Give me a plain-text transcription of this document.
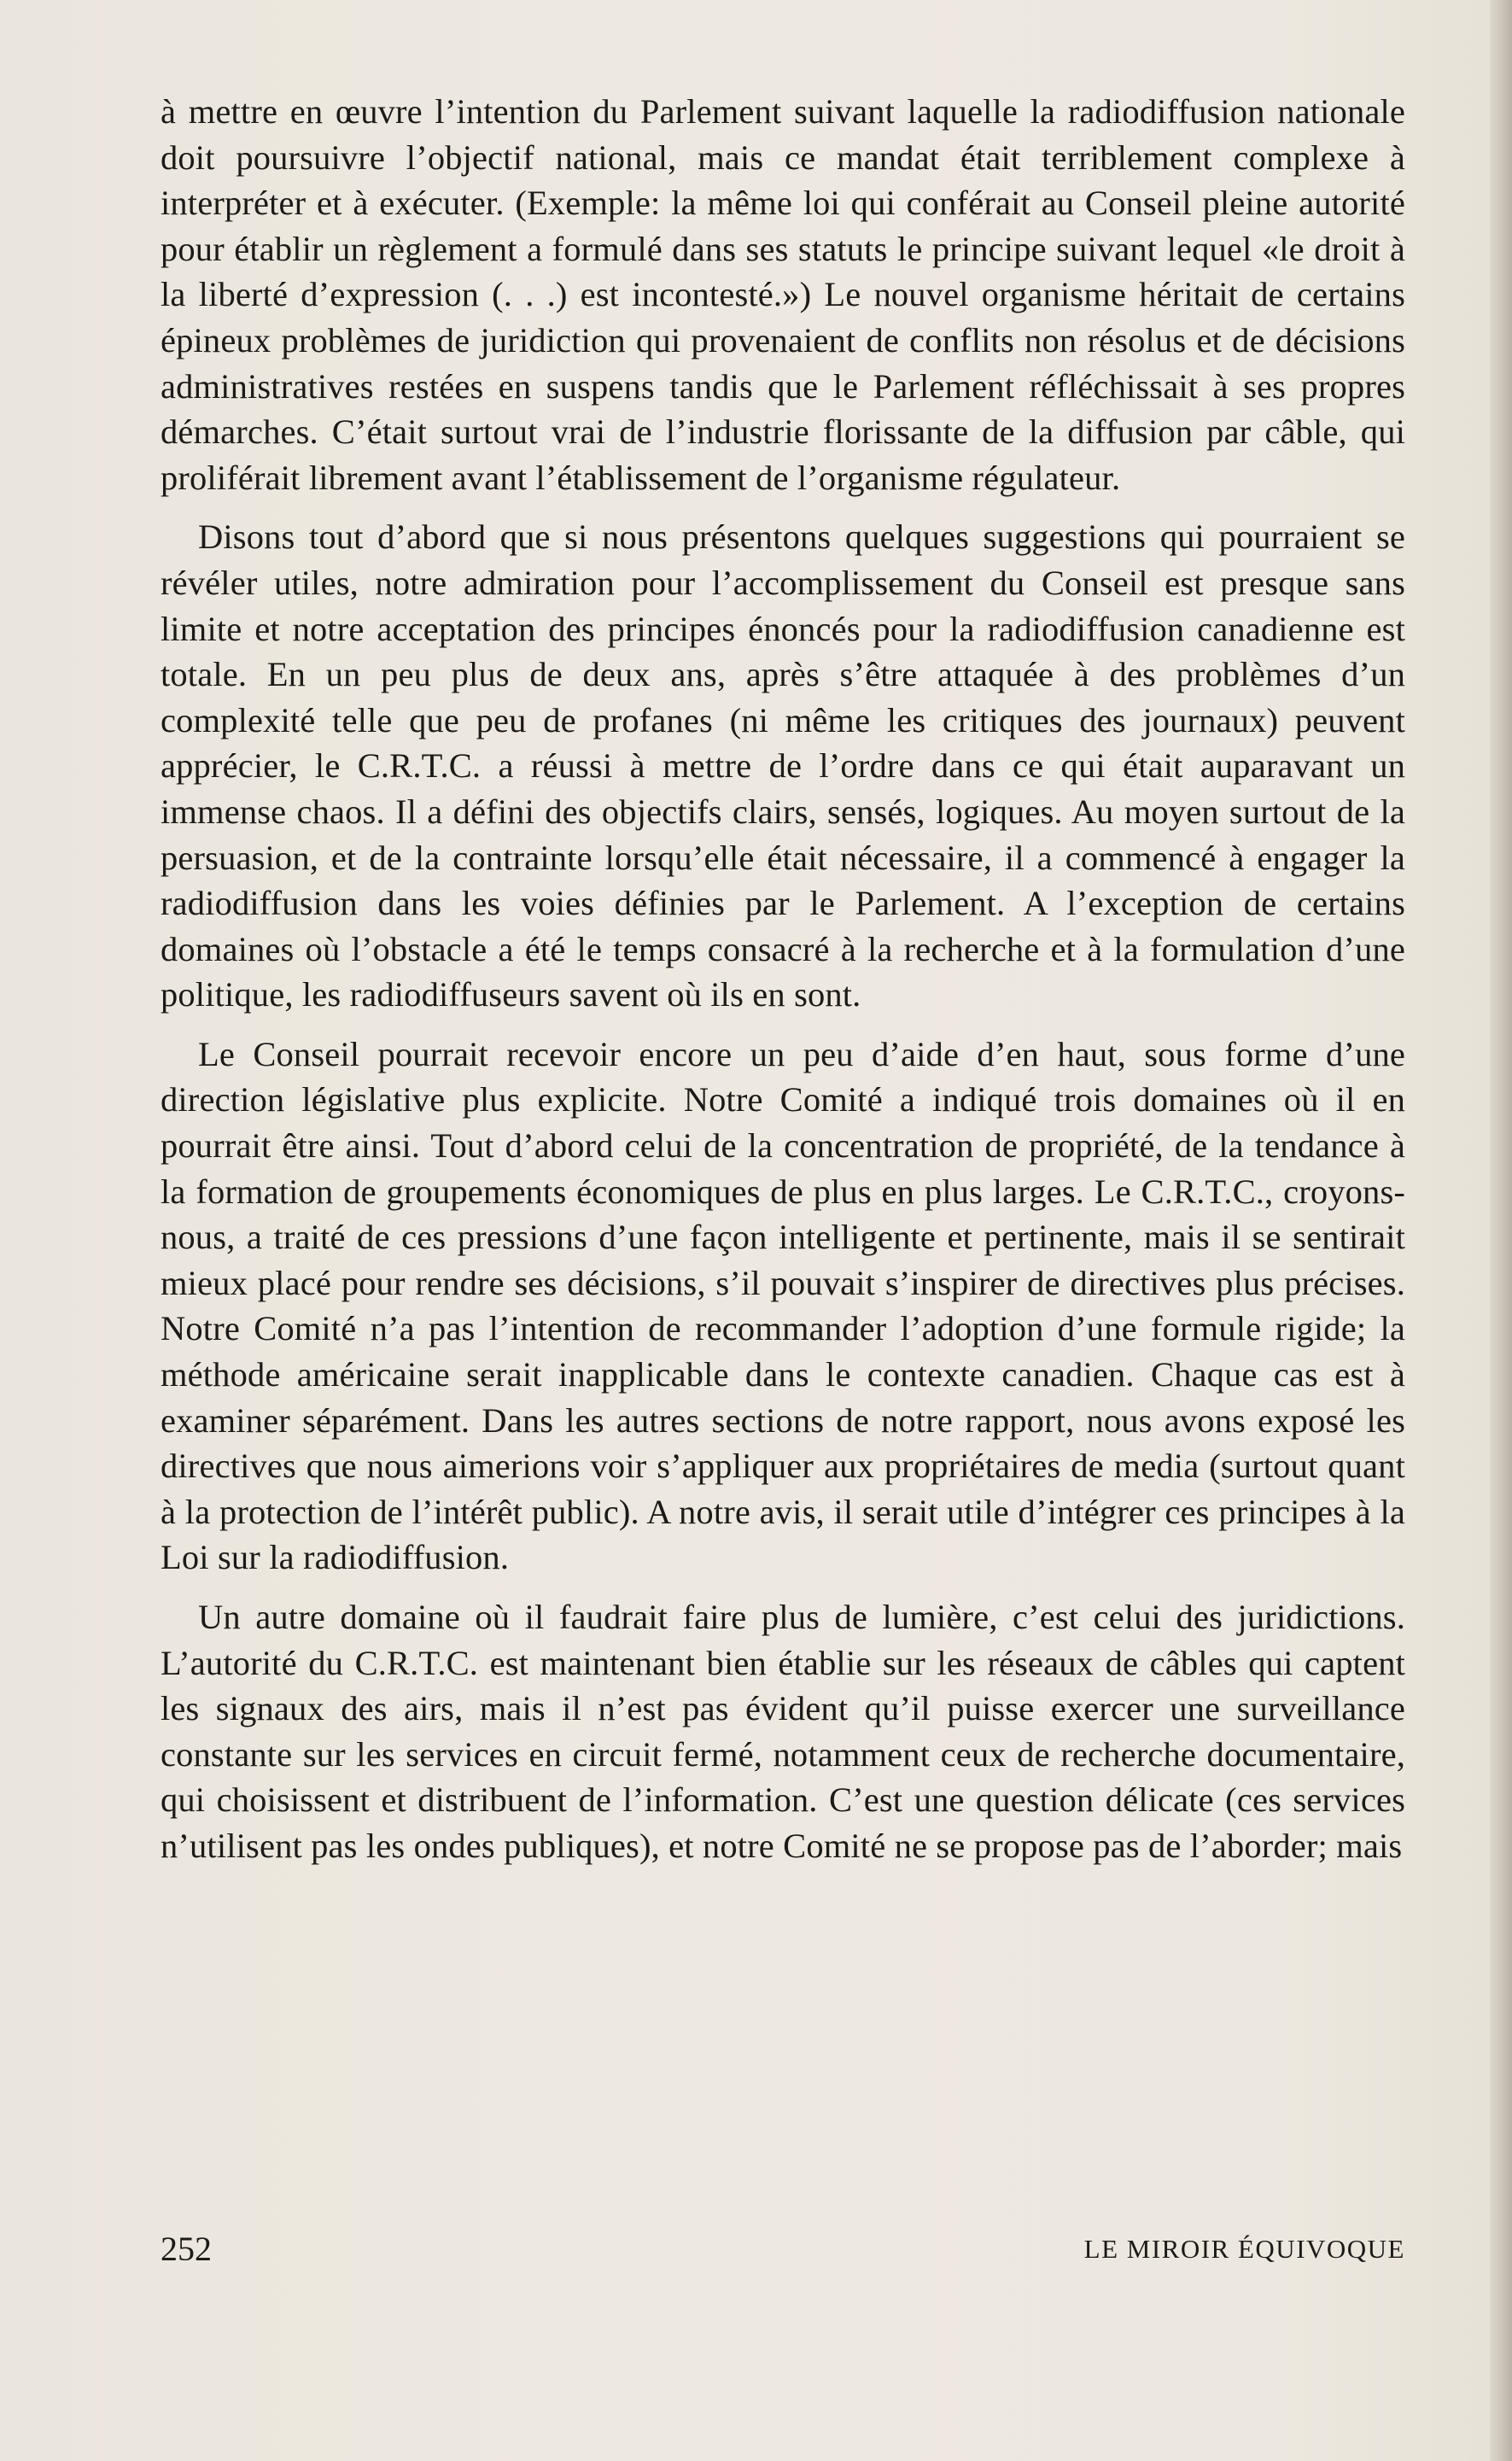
à mettre en œuvre l’intention du Parlement suivant laquelle la radiodiffusion nationale doit poursuivre l’objectif national, mais ce mandat était terriblement complexe à interpréter et à exécuter. (Exemple: la même loi qui conférait au Conseil pleine autorité pour établir un règlement a formulé dans ses statuts le principe suivant lequel «le droit à la liberté d’expression (. . .) est incontesté.») Le nouvel organisme héritait de certains épineux problèmes de juridiction qui provenaient de conflits non résolus et de décisions administratives restées en suspens tandis que le Parlement réfléchissait à ses propres démarches. C’était surtout vrai de l’industrie florissante de la diffusion par câble, qui proliférait librement avant l’établissement de l’organisme régulateur.

Disons tout d’abord que si nous présentons quelques suggestions qui pourraient se révéler utiles, notre admiration pour l’accomplissement du Conseil est presque sans limite et notre acceptation des principes énoncés pour la radiodiffusion canadienne est totale. En un peu plus de deux ans, après s’être attaquée à des problèmes d’un complexité telle que peu de profanes (ni même les critiques des journaux) peuvent apprécier, le C.R.T.C. a réussi à mettre de l’ordre dans ce qui était auparavant un immense chaos. Il a défini des objectifs clairs, sensés, logiques. Au moyen surtout de la persuasion, et de la contrainte lorsqu’elle était nécessaire, il a commencé à engager la radiodiffusion dans les voies définies par le Parlement. A l’exception de certains domaines où l’obstacle a été le temps consacré à la recherche et à la formulation d’une politique, les radiodiffuseurs savent où ils en sont.

Le Conseil pourrait recevoir encore un peu d’aide d’en haut, sous forme d’une direction législative plus explicite. Notre Comité a indiqué trois domaines où il en pourrait être ainsi. Tout d’abord celui de la concentration de propriété, de la tendance à la formation de groupements économiques de plus en plus larges. Le C.R.T.C., croyons-nous, a traité de ces pressions d’une façon intelligente et pertinente, mais il se sentirait mieux placé pour rendre ses décisions, s’il pouvait s’inspirer de directives plus précises. Notre Comité n’a pas l’intention de recommander l’adoption d’une formule rigide; la méthode américaine serait inapplicable dans le contexte canadien. Chaque cas est à examiner séparément. Dans les autres sections de notre rapport, nous avons exposé les directives que nous aimerions voir s’appliquer aux propriétaires de media (surtout quant à la protection de l’intérêt public). A notre avis, il serait utile d’intégrer ces principes à la Loi sur la radiodiffusion.

Un autre domaine où il faudrait faire plus de lumière, c’est celui des juridictions. L’autorité du C.R.T.C. est maintenant bien établie sur les réseaux de câbles qui captent les signaux des airs, mais il n’est pas évident qu’il puisse exercer une surveillance constante sur les services en circuit fermé, notamment ceux de recherche documentaire, qui choisissent et distribuent de l’information. C’est une question délicate (ces services n’utilisent pas les ondes publiques), et notre Comité ne se propose pas de l’aborder; mais

252	LE MIROIR ÉQUIVOQUE
